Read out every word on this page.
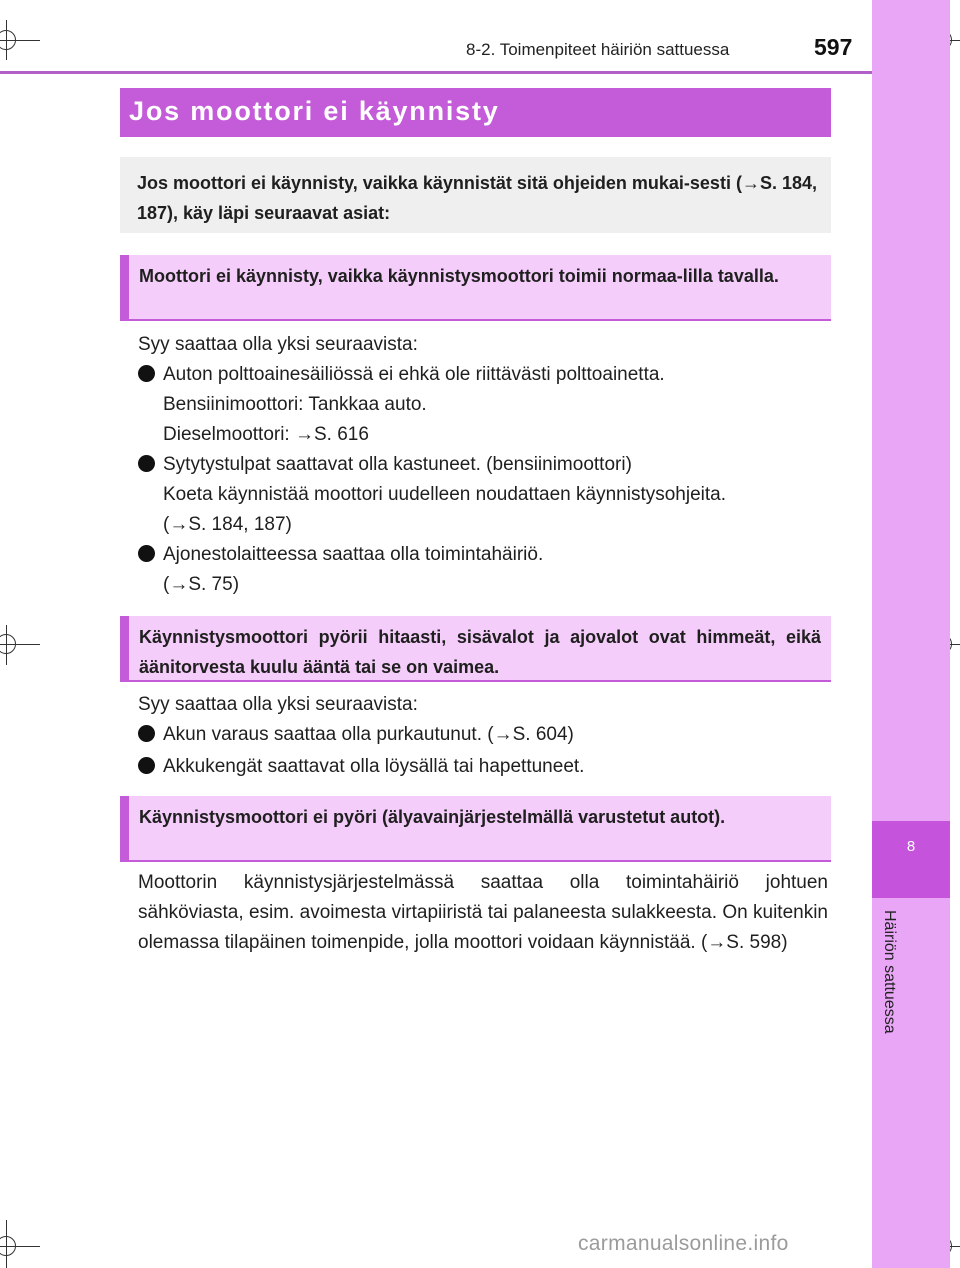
8
Häiriön sattuessa
8-2. Toimenpiteet häiriön sattuessa	597
Jos moottori ei käynnisty
Jos moottori ei käynnisty, vaikka käynnistät sitä ohjeiden mukai-sesti (→S. 184, 187), käy läpi seuraavat asiat:
Moottori ei käynnisty, vaikka käynnistysmoottori toimii normaa-lilla tavalla.
Syy saattaa olla yksi seuraavista:
Auton polttoainesäiliössä ei ehkä ole riittävästi polttoainetta.
Bensiinimoottori: Tankkaa auto.
Dieselmoottori: →S. 616
Sytytystulpat saattavat olla kastuneet. (bensiinimoottori)
Koeta käynnistää moottori uudelleen noudattaen käynnistysohjeita.
(→S. 184, 187)
Ajonestolaitteessa saattaa olla toimintahäiriö.
(→S. 75)
Käynnistysmoottori pyörii hitaasti, sisävalot ja ajovalot ovat himmeät, eikä äänitorvesta kuulu ääntä tai se on vaimea.
Syy saattaa olla yksi seuraavista:
Akun varaus saattaa olla purkautunut. (→S. 604)
Akkukengät saattavat olla löysällä tai hapettuneet.
Käynnistysmoottori ei pyöri (älyavainjärjestelmällä varustetut autot).
Moottorin käynnistysjärjestelmässä saattaa olla toimintahäiriö johtuen sähköviasta, esim. avoimesta virtapiiristä tai palaneesta sulakkeesta. On kuitenkin olemassa tilapäinen toimenpide, jolla moottori voidaan käynnistää. (→S. 598)
carmanualsonline.info
